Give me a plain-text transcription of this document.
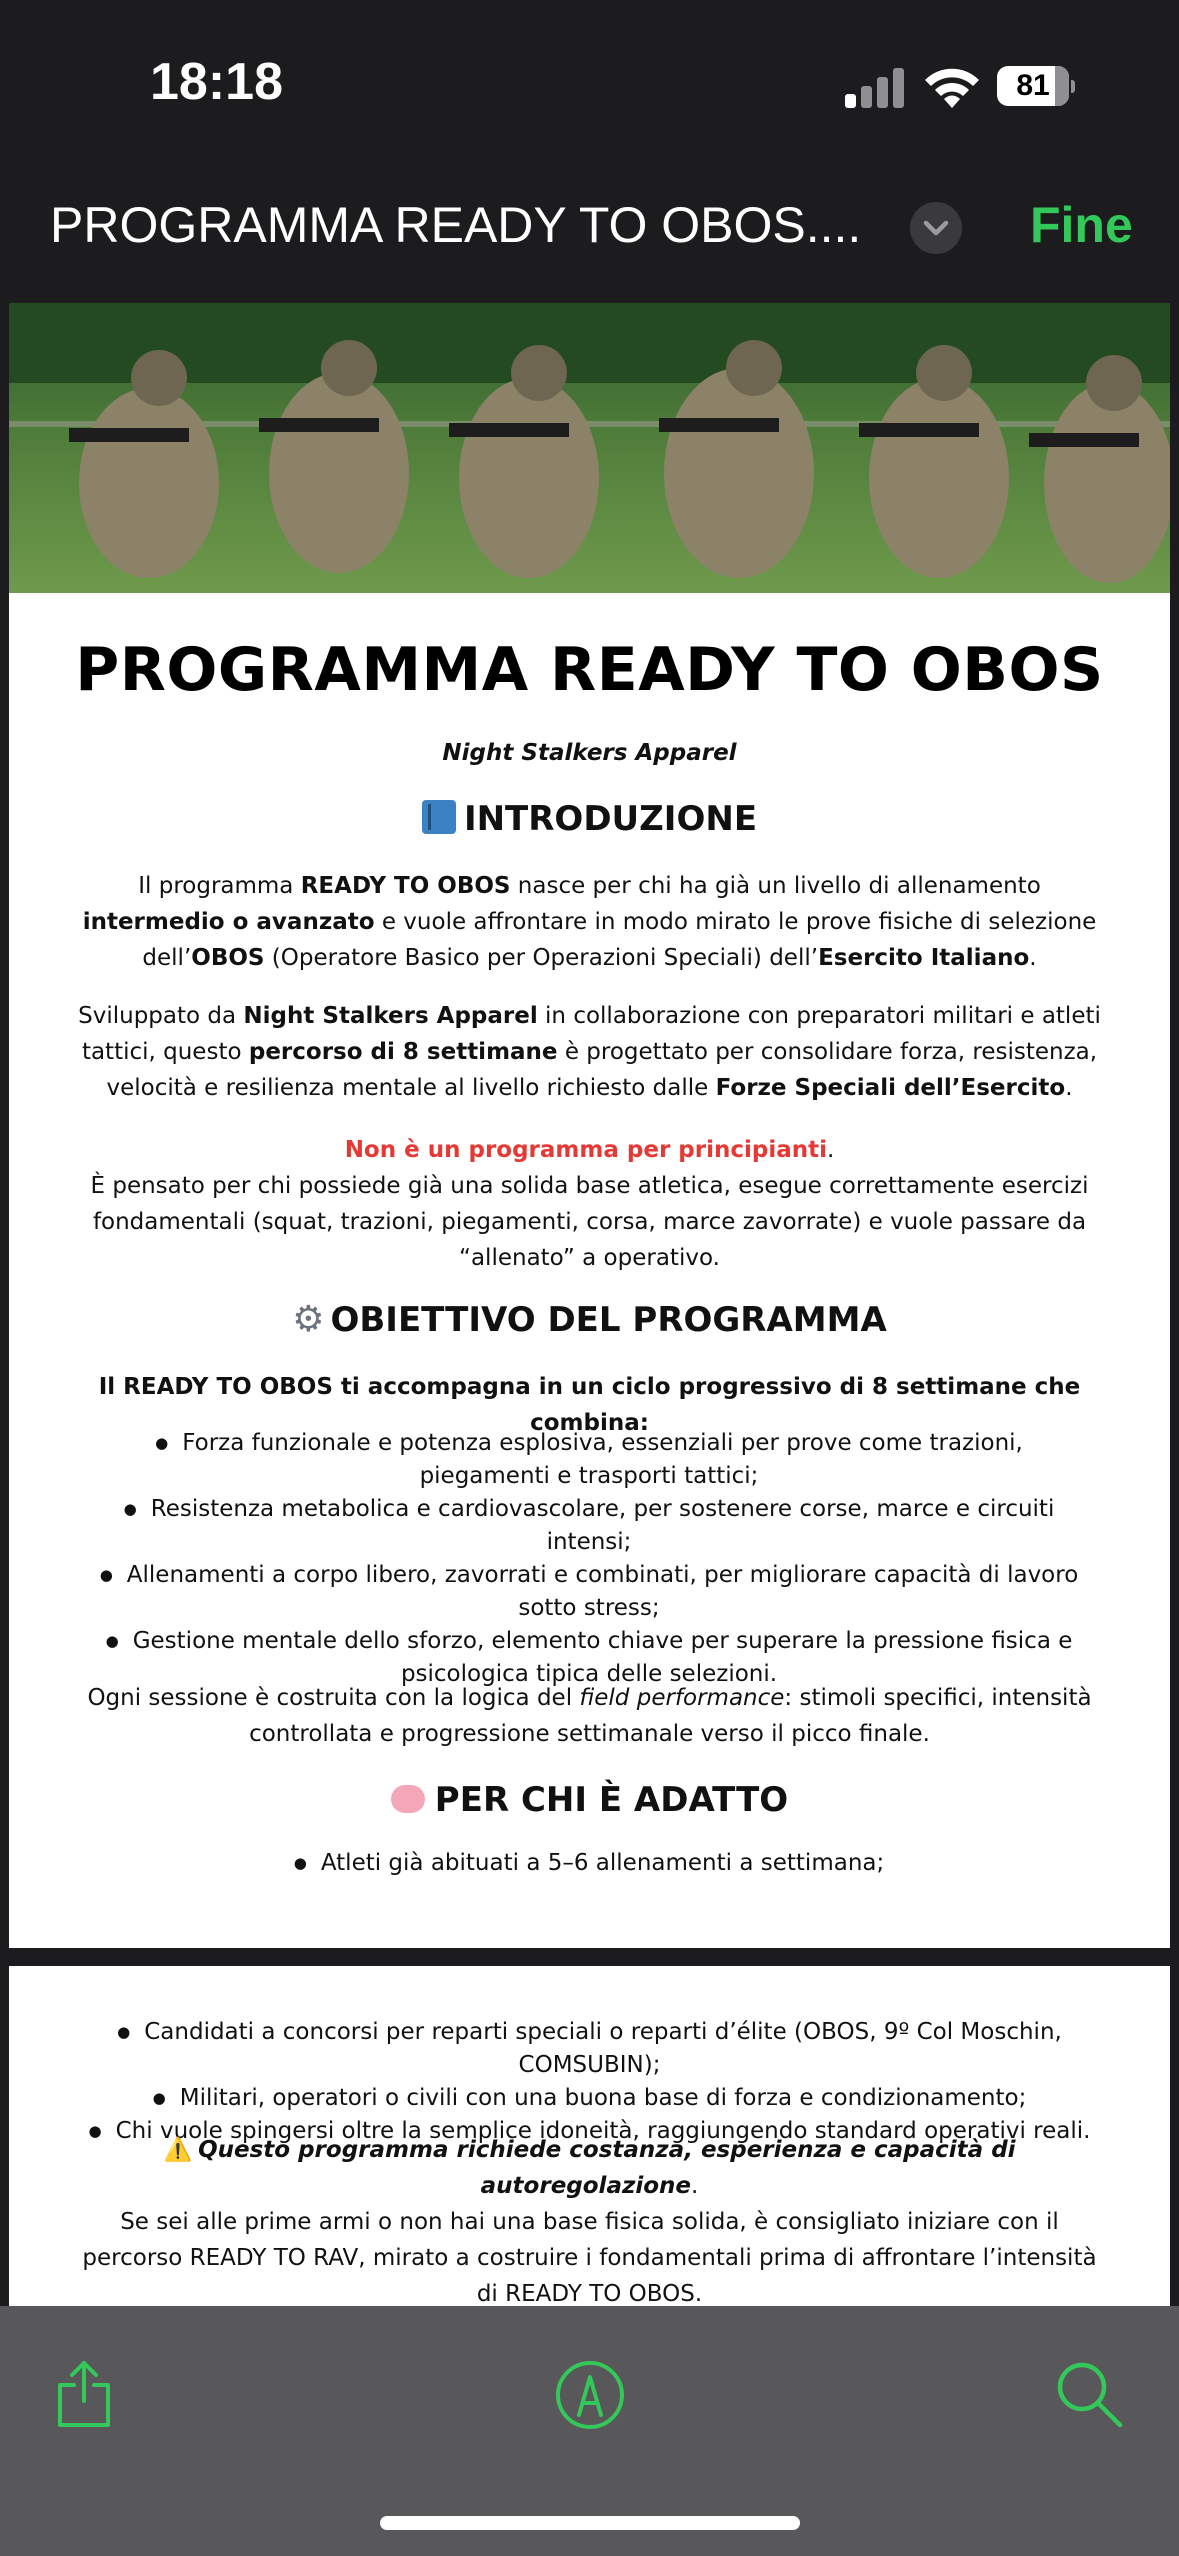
18:18	81
PROGRAMMA READY TO OBOS....	Fine
PROGRAMMA READY TO OBOS
Night Stalkers Apparel
INTRODUZIONE
Il programma READY TO OBOS nasce per chi ha già un livello di allenamento intermedio o avanzato e vuole affrontare in modo mirato le prove fisiche di selezione dell’OBOS (Operatore Basico per Operazioni Speciali) dell’Esercito Italiano.
Sviluppato da Night Stalkers Apparel in collaborazione con preparatori militari e atleti tattici, questo percorso di 8 settimane è progettato per consolidare forza, resistenza, velocità e resilienza mentale al livello richiesto dalle Forze Speciali dell’Esercito.
Non è un programma per principianti.
È pensato per chi possiede già una solida base atletica, esegue correttamente esercizi fondamentali (squat, trazioni, piegamenti, corsa, marce zavorrate) e vuole passare da “allenato” a operativo.
⚙ OBIETTIVO DEL PROGRAMMA
Il READY TO OBOS ti accompagna in un ciclo progressivo di 8 settimane che combina:
● Forza funzionale e potenza esplosiva, essenziali per prove come trazioni, piegamenti e trasporti tattici;
● Resistenza metabolica e cardiovascolare, per sostenere corse, marce e circuiti intensi;
● Allenamenti a corpo libero, zavorrati e combinati, per migliorare capacità di lavoro sotto stress;
● Gestione mentale dello sforzo, elemento chiave per superare la pressione fisica e psicologica tipica delle selezioni.
Ogni sessione è costruita con la logica del field performance: stimoli specifici, intensità controllata e progressione settimanale verso il picco finale.
PER CHI È ADATTO
● Atleti già abituati a 5–6 allenamenti a settimana;
● Candidati a concorsi per reparti speciali o reparti d’élite (OBOS, 9º Col Moschin, COMSUBIN);
● Militari, operatori o civili con una buona base di forza e condizionamento;
● Chi vuole spingersi oltre la semplice idoneità, raggiungendo standard operativi reali.
⚠️ Questo programma richiede costanza, esperienza e capacità di autoregolazione.
Se sei alle prime armi o non hai una base fisica solida, è consigliato iniziare con il percorso READY TO RAV, mirato a costruire i fondamentali prima di affrontare l’intensità di READY TO OBOS.
